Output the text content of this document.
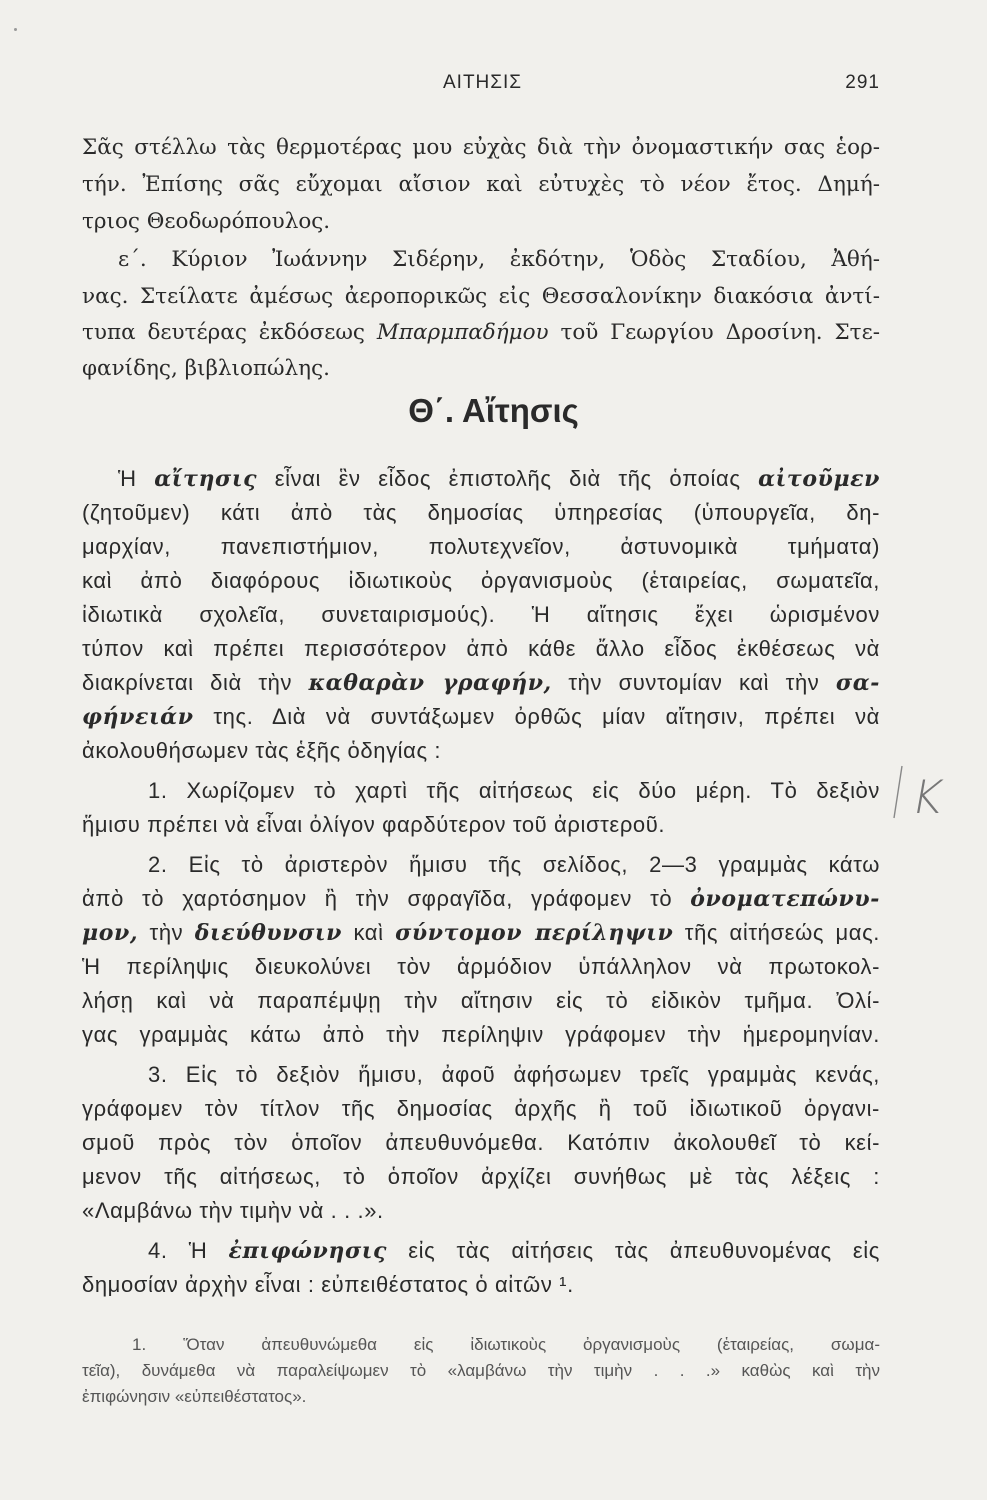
ΑΙΤΗΣΙΣ	291
Σᾶς στέλλω τὰς θερμοτέρας μου εὐχὰς διὰ τὴν ὀνομαστικήν σας ἑορ-
τήν. Ἐπίσης σᾶς εὔχομαι αἴσιον καὶ εὐτυχὲς τὸ νέον ἔτος. Δημή-
τριος Θεοδωρόπουλος.
ε΄. Κύριον Ἰωάννην Σιδέρην, ἐκδότην, Ὁδὸς Σταδίου, Ἀθή-
νας. Στείλατε ἀμέσως ἀεροπορικῶς εἰς Θεσσαλονίκην διακόσια ἀντί-
τυπα δευτέρας ἐκδόσεως Μπαρμπαδήμου τοῦ Γεωργίου Δροσίνη. Στε-
φανίδης, βιβλιοπώλης.
Θ΄. Αἴτησις
Ἡ αἴτησις εἶναι ἓν εἶδος ἐπιστολῆς διὰ τῆς ὁποίας αἰτοῦμεν
(ζητοῦμεν) κάτι ἀπὸ τὰς δημοσίας ὑπηρεσίας (ὑπουργεῖα, δη-
μαρχίαν, πανεπιστήμιον, πολυτεχνεῖον, ἀστυνομικὰ τμήματα)
καὶ ἀπὸ διαφόρους ἰδιωτικοὺς ὀργανισμοὺς (ἑταιρείας, σωματεῖα,
ἰδιωτικὰ σχολεῖα, συνεταιρισμούς). Ἡ αἴτησις ἔχει ὡρισμένον
τύπον καὶ πρέπει περισσότερον ἀπὸ κάθε ἄλλο εἶδος ἐκθέσεως νὰ
διακρίνεται διὰ τὴν καθαρὰν γραφήν, τὴν συντομίαν καὶ τὴν σα-
φήνειάν της. Διὰ νὰ συντάξωμεν ὀρθῶς μίαν αἴτησιν, πρέπει νὰ
ἀκολουθήσωμεν τὰς ἑξῆς ὁδηγίας :
1. Χωρίζομεν τὸ χαρτὶ τῆς αἰτήσεως εἰς δύο μέρη. Τὸ δεξιὸν
ἥμισυ πρέπει νὰ εἶναι ὀλίγον φαρδύτερον τοῦ ἀριστεροῦ.
2. Εἰς τὸ ἀριστερὸν ἥμισυ τῆς σελίδος, 2—3 γραμμὰς κάτω
ἀπὸ τὸ χαρτόσημον ἢ τὴν σφραγῖδα, γράφομεν τὸ ὀνοματεπώνυ-
μον, τὴν διεύθυνσιν καὶ σύντομον περίληψιν τῆς αἰτήσεώς μας.
Ἡ περίληψις διευκολύνει τὸν ἁρμόδιον ὑπάλληλον νὰ πρωτοκολ-
λήσῃ καὶ νὰ παραπέμψῃ τὴν αἴτησιν εἰς τὸ εἰδικὸν τμῆμα. Ὀλί-
γας γραμμὰς κάτω ἀπὸ τὴν περίληψιν γράφομεν τὴν ἡμερομηνίαν.
3. Εἰς τὸ δεξιὸν ἥμισυ, ἀφοῦ ἀφήσωμεν τρεῖς γραμμὰς κενάς,
γράφομεν τὸν τίτλον τῆς δημοσίας ἀρχῆς ἢ τοῦ ἰδιωτικοῦ ὀργανι-
σμοῦ πρὸς τὸν ὁποῖον ἀπευθυνόμεθα. Κατόπιν ἀκολουθεῖ τὸ κεί-
μενον τῆς αἰτήσεως, τὸ ὁποῖον ἀρχίζει συνήθως μὲ τὰς λέξεις :
«Λαμβάνω τὴν τιμὴν νὰ . . .».
4. Ἡ ἐπιφώνησις εἰς τὰς αἰτήσεις τὰς ἀπευθυνομένας εἰς
δημοσίαν ἀρχὴν εἶναι : εὐπειθέστατος ὁ αἰτῶν ¹.
1. Ὅταν ἀπευθυνώμεθα εἰς ἰδιωτικοὺς ὀργανισμοὺς (ἑταιρείας, σωμα-
τεῖα), δυνάμεθα νὰ παραλείψωμεν τὸ «λαμβάνω τὴν τιμὴν . . .» καθὼς καὶ τὴν
ἐπιφώνησιν «εὐπειθέστατος».
Κ
